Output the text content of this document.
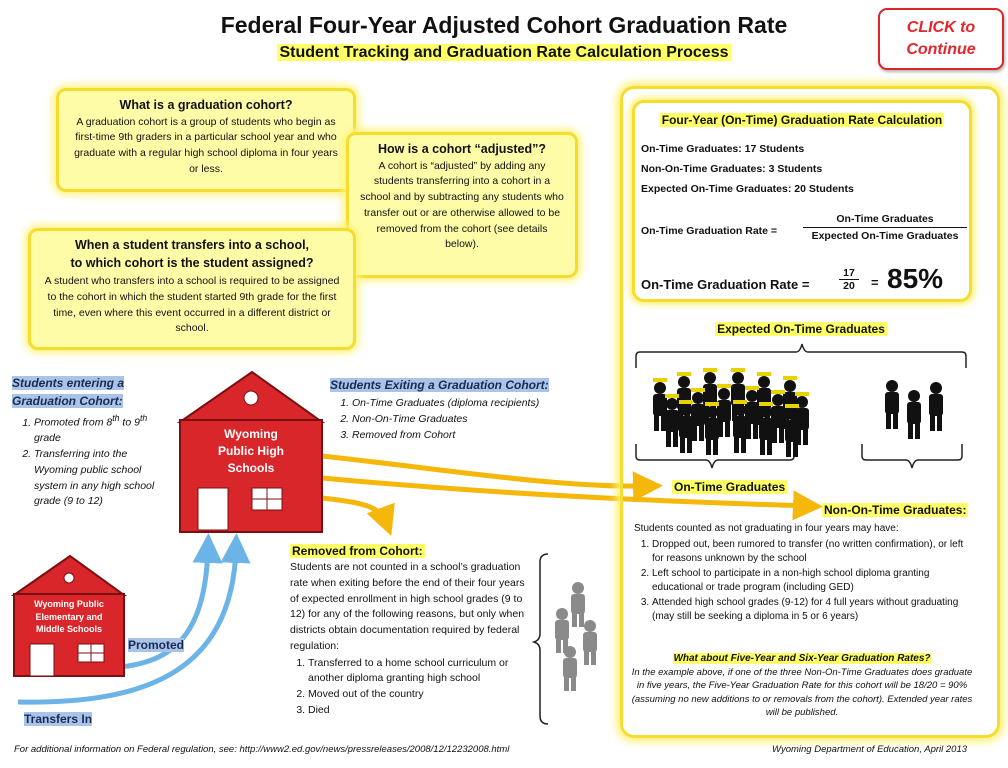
Federal Four-Year Adjusted Cohort Graduation Rate
Student Tracking and Graduation Rate Calculation Process
CLICK to
Continue
What is a graduation cohort?
A graduation cohort is a group of students who begin as first-time 9th graders in a particular school year and who graduate with a regular high school diploma in four years or less.
How is a cohort “adjusted”?
A cohort is “adjusted” by adding any students transferring into a cohort in a school and by subtracting any students who transfer out or are otherwise allowed to be removed from the cohort (see details below).
When a student transfers into a school,
to which cohort is the student assigned?
A student who transfers into a school is required to be assigned to the cohort in which the student started 9th grade for the first time, even where this event occurred in a different district or school.
Students entering a
Graduation Cohort:
1. Promoted from 8th to 9th grade
2. Transferring into the Wyoming public school system in any high school grade (9 to 12)
Students Exiting a Graduation Cohort:
1. On-Time Graduates (diploma recipients)
2. Non-On-Time Graduates
3. Removed from Cohort
Wyoming
Public High
Schools
Wyoming Public
Elementary and
Middle Schools
Promoted
Transfers In
Removed from Cohort:
Students are not counted in a school’s graduation rate when exiting before the end of their four years of expected enrollment in high school grades (9 to 12) for any of the following reasons, but only when districts obtain documentation required by federal regulation:
1. Transferred to a home school curriculum or another diploma granting high school
2. Moved out of the country
3. Died
Four-Year (On-Time) Graduation Rate Calculation
On-Time Graduates: 17 Students
Non-On-Time Graduates: 3 Students
Expected On-Time Graduates: 20 Students
On-Time Graduation Rate =
On-Time Graduates
Expected On-Time Graduates
On-Time Graduation Rate =	$\frac{17}{20} = 85\%$
Expected On-Time Graduates
On-Time Graduates
Non-On-Time Graduates:
Students counted as not graduating in four years may have:
1. Dropped out, been rumored to transfer (no written confirmation), or left for reasons unknown by the school
2. Left school to participate in a non-high school diploma granting educational or trade program (including GED)
3. Attended high school grades (9-12) for 4 full years without graduating (may still be seeking a diploma in 5 or 6 years)
What about Five-Year and Six-Year Graduation Rates?
In the example above, if one of the three Non-On-Time Graduates does graduate in five years, the Five-Year Graduation Rate for this cohort will be 18/20 = 90% (assuming no new additions to or removals from the cohort). Extended year rates will be published.
For additional information on Federal regulation, see: http://www2.ed.gov/news/pressreleases/2008/12/12232008.html	Wyoming Department of Education, April 2013
